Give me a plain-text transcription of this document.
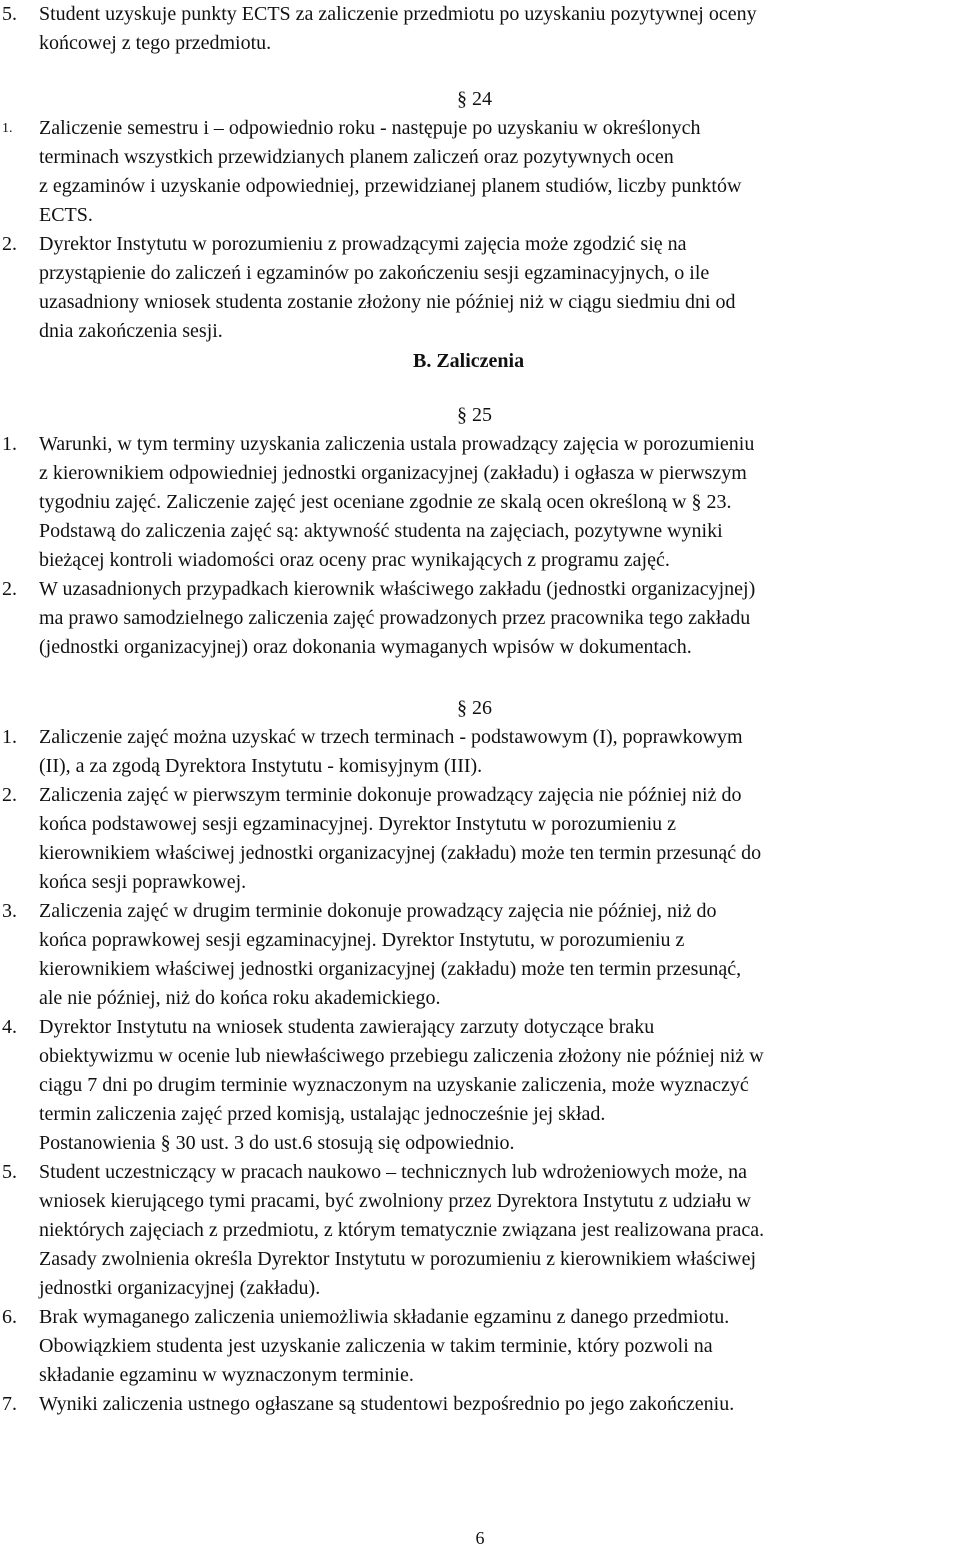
5. Student uzyskuje punkty ECTS za zaliczenie przedmiotu po uzyskaniu pozytywnej oceny
końcowej z tego przedmiotu.
§ 24
1. Zaliczenie semestru i – odpowiednio roku - następuje po uzyskaniu w określonych
terminach wszystkich przewidzianych planem zaliczeń oraz pozytywnych ocen
z egzaminów i uzyskanie odpowiedniej, przewidzianej planem studiów, liczby punktów
ECTS.
2. Dyrektor Instytutu w porozumieniu z prowadzącymi zajęcia może zgodzić się na
przystąpienie do zaliczeń i egzaminów po zakończeniu sesji egzaminacyjnych, o ile
uzasadniony wniosek studenta zostanie złożony nie później niż w ciągu siedmiu dni od
dnia zakończenia sesji.
B. Zaliczenia
§ 25
1. Warunki, w tym terminy uzyskania zaliczenia ustala prowadzący zajęcia w porozumieniu
z kierownikiem odpowiedniej jednostki organizacyjnej (zakładu) i ogłasza w pierwszym
tygodniu zajęć. Zaliczenie zajęć jest oceniane zgodnie ze skalą ocen określoną w § 23.
Podstawą do zaliczenia zajęć są: aktywność studenta na zajęciach, pozytywne wyniki
bieżącej kontroli wiadomości oraz oceny prac wynikających z programu zajęć.
2. W uzasadnionych przypadkach kierownik właściwego zakładu (jednostki organizacyjnej)
ma prawo samodzielnego zaliczenia zajęć prowadzonych przez pracownika tego zakładu
(jednostki organizacyjnej) oraz dokonania wymaganych wpisów w dokumentach.
§ 26
1. Zaliczenie zajęć można uzyskać w trzech terminach - podstawowym (I), poprawkowym
(II), a za zgodą Dyrektora Instytutu - komisyjnym (III).
2. Zaliczenia zajęć w pierwszym terminie dokonuje prowadzący zajęcia nie później niż do
końca podstawowej sesji egzaminacyjnej. Dyrektor Instytutu w porozumieniu z
kierownikiem właściwej jednostki organizacyjnej (zakładu) może ten termin przesunąć do
końca sesji poprawkowej.
3. Zaliczenia zajęć w drugim terminie dokonuje prowadzący zajęcia nie później, niż do
końca poprawkowej sesji egzaminacyjnej. Dyrektor Instytutu, w porozumieniu z
kierownikiem właściwej jednostki organizacyjnej (zakładu) może ten termin przesunąć,
ale nie później, niż do końca roku akademickiego.
4. Dyrektor Instytutu na wniosek studenta zawierający zarzuty dotyczące braku
obiektywizmu w ocenie lub niewłaściwego przebiegu zaliczenia złożony nie później niż w
ciągu 7 dni po drugim terminie wyznaczonym na uzyskanie zaliczenia, może wyznaczyć
termin zaliczenia zajęć przed komisją, ustalając jednocześnie jej skład.
Postanowienia § 30 ust. 3 do ust.6 stosują się odpowiednio.
5. Student uczestniczący w pracach naukowo – technicznych lub wdrożeniowych może, na
wniosek kierującego tymi pracami, być zwolniony przez Dyrektora Instytutu z udziału w
niektórych zajęciach z przedmiotu, z którym tematycznie związana jest realizowana praca.
Zasady zwolnienia określa Dyrektor Instytutu w porozumieniu z kierownikiem właściwej
jednostki organizacyjnej (zakładu).
6. Brak wymaganego zaliczenia uniemożliwia składanie egzaminu z danego przedmiotu.
Obowiązkiem studenta jest uzyskanie zaliczenia w takim terminie, który pozwoli na
składanie egzaminu w wyznaczonym terminie.
7. Wyniki zaliczenia ustnego ogłaszane są studentowi bezpośrednio po jego zakończeniu.
6
